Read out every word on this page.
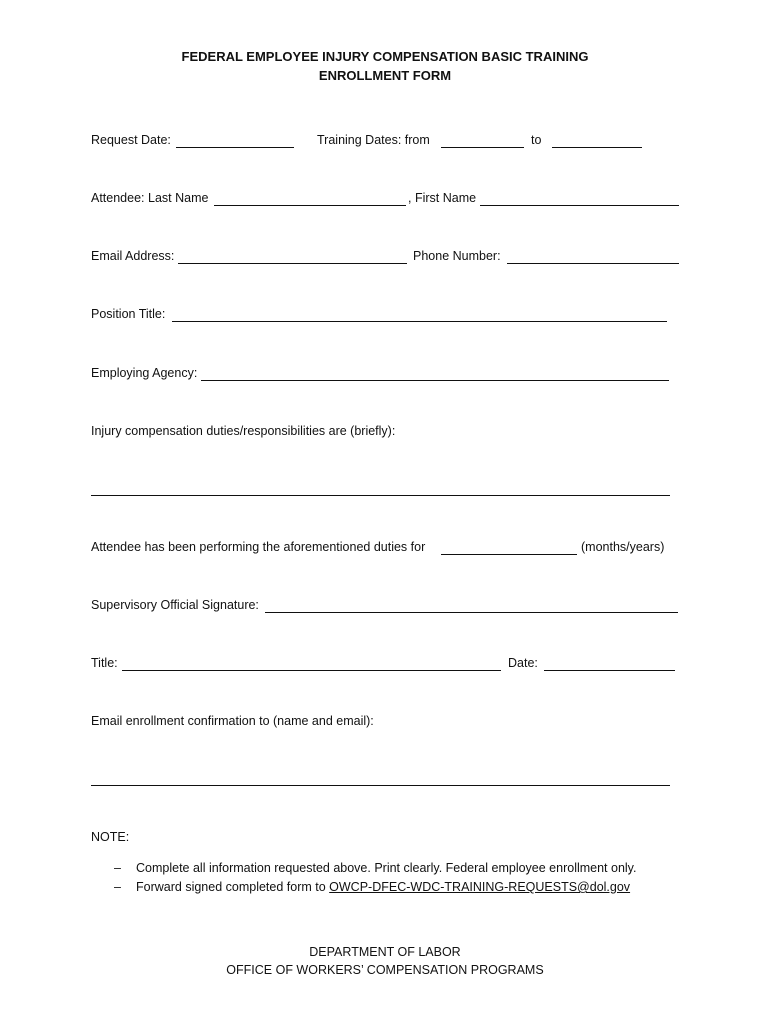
FEDERAL EMPLOYEE INJURY COMPENSATION BASIC TRAINING
ENROLLMENT FORM
Request Date:	Training Dates: from	to
Attendee: Last Name	, First Name
Email Address:	Phone Number:
Position Title:
Employing Agency:
Injury compensation duties/responsibilities are (briefly):
Attendee has been performing the aforementioned duties for	(months/years)
Supervisory Official Signature:
Title:	Date:
Email enrollment confirmation to (name and email):
NOTE:
– Complete all information requested above. Print clearly. Federal employee enrollment only.
– Forward signed completed form to OWCP-DFEC-WDC-TRAINING-REQUESTS@dol.gov
DEPARTMENT OF LABOR
OFFICE OF WORKERS’ COMPENSATION PROGRAMS
